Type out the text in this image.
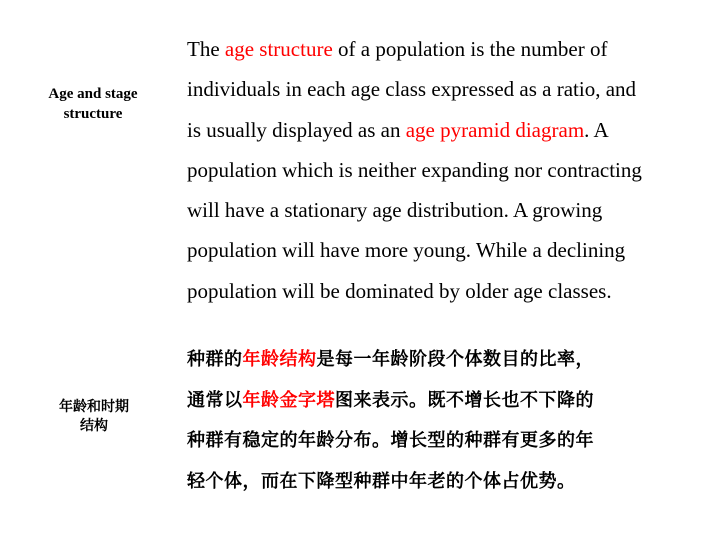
Age and stage
structure
The age structure of a population is the number of
individuals in each age class expressed as a ratio, and
is usually displayed as an age pyramid diagram. A
population which is neither expanding nor contracting
will have a stationary age distribution. A growing
population will have more young. While a declining
population will be dominated by older age classes.
年龄和时期
结构
种群的年龄结构是每一年龄阶段个体数目的比率，
通常以年龄金字塔图来表示。既不增长也不下降的
种群有稳定的年龄分布。增长型的种群有更多的年
轻个体，而在下降型种群中年老的个体占优势。
